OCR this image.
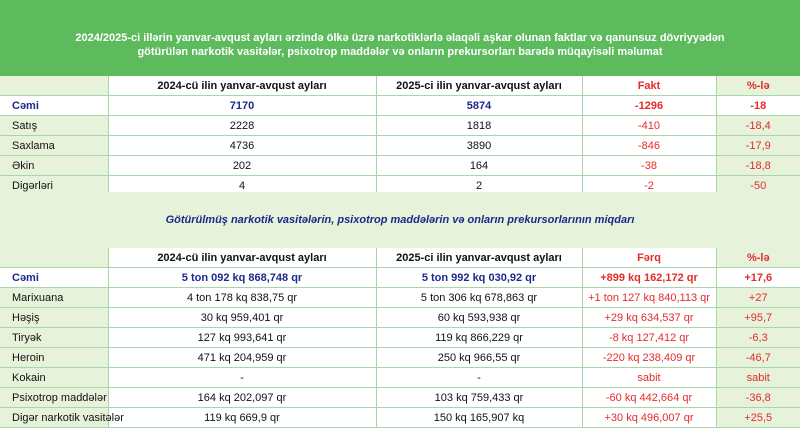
2024/2025-ci illərin yanvar-avqust ayları ərzində ölkə üzrə narkotiklərlə əlaqəli aşkar olunan faktlar və qanunsuz dövriyyədən
götürülən narkotik vasitələr, psixotrop maddələr və onların prekursorları barədə müqayisəli məlumat
	2024-cü ilin yanvar-avqust ayları	2025-ci ilin yanvar-avqust ayları	Fakt	%-lə
Cəmi	7170	5874	-1296	-18
Satış	2228	1818	-410	-18,4
Saxlama	4736	3890	-846	-17,9
Əkin	202	164	-38	-18,8
Digərləri	4	2	-2	-50
Götürülmüş narkotik vasitələrin, psixotrop maddələrin və onların prekursorlarının miqdarı
	2024-cü ilin yanvar-avqust ayları	2025-ci ilin yanvar-avqust ayları	Fərq	%-lə
Cəmi	5 ton 092 kq 868,748 qr	5 ton 992 kq 030,92 qr	+899 kq 162,172 qr	+17,6
Marixuana	4 ton 178 kq 838,75 qr	5 ton 306 kq 678,863 qr	+1 ton 127 kq 840,113 qr	+27
Həşiş	30 kq 959,401 qr	60 kq 593,938 qr	+29 kq 634,537 qr	+95,7
Tiryək	127 kq 993,641 qr	119 kq 866,229 qr	-8 kq 127,412 qr	-6,3
Heroin	471 kq 204,959 qr	250 kq 966,55 qr	-220 kq 238,409 qr	-46,7
Kokain	-	-	sabit	sabit
Psixotrop maddələr	164 kq 202,097 qr	103 kq 759,433 qr	-60 kq 442,664 qr	-36,8
Digər narkotik vasitələr	119 kq 669,9 qr	150 kq 165,907 kq	+30 kq 496,007 qr	+25,5
